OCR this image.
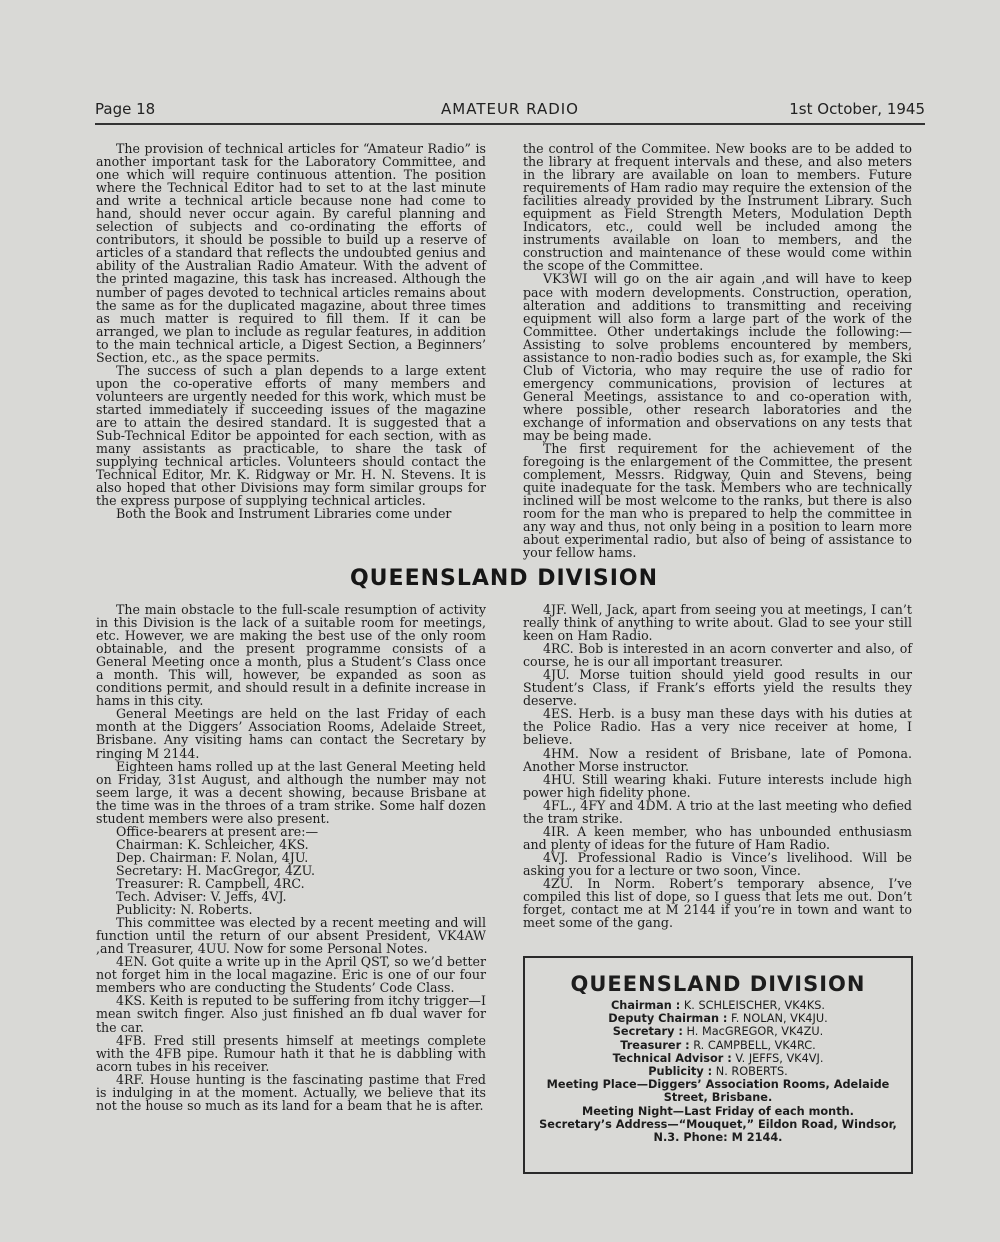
Page 18	AMATEUR RADIO	1st October, 1945

The provision of technical articles for “Amateur Radio” is another important task for the Laboratory Committee, and one which will require continuous attention. The position where the Technical Editor had to set to at the last minute and write a technical article because none had come to hand, should never occur again. By careful planning and selection of subjects and co-ordinating the efforts of contributors, it should be possible to build up a reserve of articles of a standard that reflects the undoubted genius and ability of the Australian Radio Amateur. With the advent of the printed magazine, this task has increased. Although the number of pages devoted to technical articles remains about the same as for the duplicated magazine, about three times as much matter is required to fill them. If it can be arranged, we plan to include as regular features, in addition to the main technical article, a Digest Section, a Beginners’ Section, etc., as the space permits.

The success of such a plan depends to a large extent upon the co-operative efforts of many members and volunteers are urgently needed for this work, which must be started immediately if succeeding issues of the magazine are to attain the desired standard. It is suggested that a Sub-Technical Editor be appointed for each section, with as many assistants as practicable, to share the task of supplying technical articles. Volunteers should contact the Technical Editor, Mr. K. Ridgway or Mr. H. N. Stevens. It is also hoped that other Divisions may form similar groups for the express purpose of supplying technical articles.

Both the Book and Instrument Libraries come under

the control of the Commitee. New books are to be added to the library at frequent intervals and these, and also meters in the library are available on loan to members. Future requirements of Ham radio may require the extension of the facilities already provided by the Instrument Library. Such equipment as Field Strength Meters, Modulation Depth Indicators, etc., could well be included among the instruments available on loan to members, and the construction and maintenance of these would come within the scope of the Committee.

VK3WI will go on the air again ,and will have to keep pace with modern developments. Construction, operation, alteration and additions to transmitting and receiving equipment will also form a large part of the work of the Committee. Other undertakings include the following:—Assisting to solve problems encountered by members, assistance to non-radio bodies such as, for example, the Ski Club of Victoria, who may require the use of radio for emergency communications, provision of lectures at General Meetings, assistance to and co-operation with, where possible, other research laboratories and the exchange of information and observations on any tests that may be being made.

The first requirement for the achievement of the foregoing is the enlargement of the Committee, the present complement, Messrs. Ridgway, Quin and Stevens, being quite inadequate for the task. Members who are technically inclined will be most welcome to the ranks, but there is also room for the man who is prepared to help the committee in any way and thus, not only being in a position to learn more about experimental radio, but also of being of assistance to your fellow hams.

QUEENSLAND DIVISION

The main obstacle to the full-scale resumption of activity in this Division is the lack of a suitable room for meetings, etc. However, we are making the best use of the only room obtainable, and the present programme consists of a General Meeting once a month, plus a Student’s Class once a month. This will, however, be expanded as soon as conditions permit, and should result in a definite increase in hams in this city.

General Meetings are held on the last Friday of each month at the Diggers’ Association Rooms, Adelaide Street, Brisbane. Any visiting hams can contact the Secretary by ringing M 2144.

Eighteen hams rolled up at the last General Meeting held on Friday, 31st August, and although the number may not seem large, it was a decent showing, because Brisbane at the time was in the throes of a tram strike. Some half dozen student members were also present.

Office-bearers at present are:—
Chairman: K. Schleicher, 4KS.
Dep. Chairman: F. Nolan, 4JU.
Secretary: H. MacGregor, 4ZU.
Treasurer: R. Campbell, 4RC.
Tech. Adviser: V. Jeffs, 4VJ.
Publicity: N. Roberts.

This committee was elected by a recent meeting and will function until the return of our absent President, VK4AW ,and Treasurer, 4UU. Now for some Personal Notes.

4EN. Got quite a write up in the April QST, so we’d better not forget him in the local magazine. Eric is one of our four members who are conducting the Students’ Code Class.

4KS. Keith is reputed to be suffering from itchy trigger—I mean switch finger. Also just finished an fb dual waver for the car.

4FB. Fred still presents himself at meetings complete with the 4FB pipe. Rumour hath it that he is dabbling with acorn tubes in his receiver.

4RF. House hunting is the fascinating pastime that Fred is indulging in at the moment. Actually, we believe that its not the house so much as its land for a beam that he is after.

4JF. Well, Jack, apart from seeing you at meetings, I can’t really think of anything to write about. Glad to see your still keen on Ham Radio.

4RC. Bob is interested in an acorn converter and also, of course, he is our all important treasurer.

4JU. Morse tuition should yield good results in our Student’s Class, if Frank’s efforts yield the results they deserve.

4ES. Herb. is a busy man these days with his duties at the Police Radio. Has a very nice receiver at home, I believe.

4HM. Now a resident of Brisbane, late of Pomona. Another Morse instructor.

4HU. Still wearing khaki. Future interests include high power high fidelity phone.

4FL., 4FY and 4DM. A trio at the last meeting who defied the tram strike.

4IR. A keen member, who has unbounded enthusiasm and plenty of ideas for the future of Ham Radio.

4VJ. Professional Radio is Vince’s livelihood. Will be asking you for a lecture or two soon, Vince.

4ZU. In Norm. Robert’s temporary absence, I’ve compiled this list of dope, so I guess that lets me out. Don’t forget, contact me at M 2144 if you’re in town and want to meet some of the gang.

QUEENSLAND DIVISION
Chairman : K. SCHLEISCHER, VK4KS.
Deputy Chairman : F. NOLAN, VK4JU.
Secretary : H. MacGREGOR, VK4ZU.
Treasurer : R. CAMPBELL, VK4RC.
Technical Advisor : V. JEFFS, VK4VJ.
Publicity : N. ROBERTS.
Meeting Place—Diggers’ Association Rooms, Adelaide Street, Brisbane.
Meeting Night—Last Friday of each month.
Secretary’s Address—“Mouquet,” Eildon Road, Windsor, N.3. Phone: M 2144.
